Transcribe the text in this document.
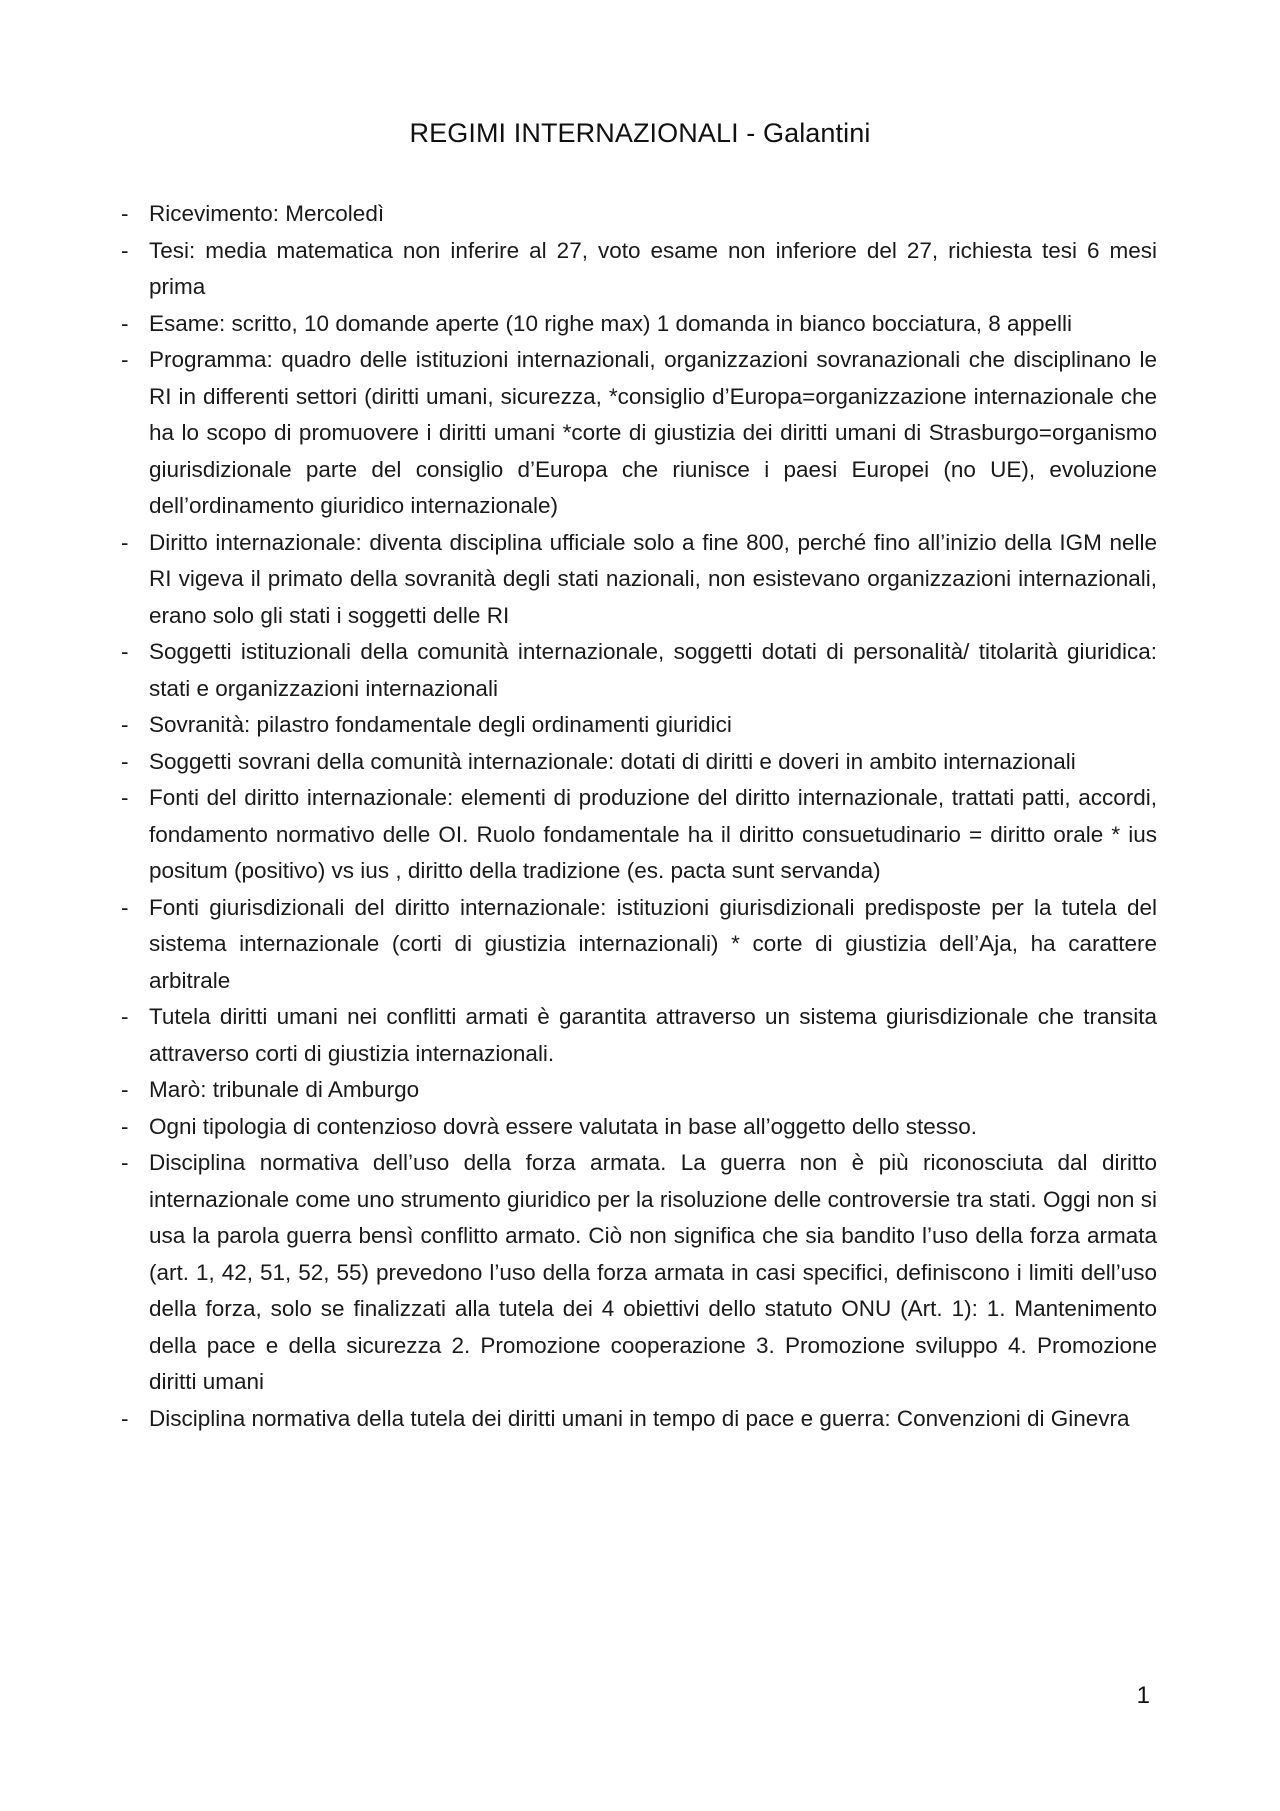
REGIMI INTERNAZIONALI - Galantini
- Ricevimento: Mercoledì
- Tesi: media matematica non inferire al 27, voto esame non inferiore del 27, richiesta tesi 6 mesi prima
- Esame: scritto, 10 domande aperte (10 righe max) 1 domanda in bianco bocciatura, 8 appelli
- Programma: quadro delle istituzioni internazionali, organizzazioni sovranazionali che disciplinano le RI in differenti settori (diritti umani, sicurezza, *consiglio d’Europa=organizzazione internazionale che ha lo scopo di promuovere i diritti umani *corte di giustizia dei diritti umani di Strasburgo=organismo giurisdizionale parte del consiglio d’Europa che riunisce i paesi Europei (no UE), evoluzione dell’ordinamento giuridico internazionale)
- Diritto internazionale: diventa disciplina ufficiale solo a fine 800, perché fino all’inizio della IGM nelle RI vigeva il primato della sovranità degli stati nazionali, non esistevano organizzazioni internazionali, erano solo gli stati i soggetti delle RI
- Soggetti istituzionali della comunità internazionale, soggetti dotati di personalità/ titolarità giuridica: stati e organizzazioni internazionali
- Sovranità: pilastro fondamentale degli ordinamenti giuridici
- Soggetti sovrani della comunità internazionale: dotati di diritti e doveri in ambito internazionali
- Fonti del diritto internazionale: elementi di produzione del diritto internazionale, trattati patti, accordi, fondamento normativo delle OI. Ruolo fondamentale ha il diritto consuetudinario = diritto orale * ius positum (positivo) vs ius , diritto della tradizione (es. pacta sunt servanda)
- Fonti giurisdizionali del diritto internazionale: istituzioni giurisdizionali predisposte per la tutela del sistema internazionale (corti di giustizia internazionali) * corte di giustizia dell’Aja, ha carattere arbitrale
- Tutela diritti umani nei conflitti armati è garantita attraverso un sistema giurisdizionale che transita attraverso corti di giustizia internazionali.
- Marò: tribunale di Amburgo
- Ogni tipologia di contenzioso dovrà essere valutata in base all’oggetto dello stesso.
- Disciplina normativa dell’uso della forza armata. La guerra non è più riconosciuta dal diritto internazionale come uno strumento giuridico per la risoluzione delle controversie tra stati. Oggi non si usa la parola guerra bensì conflitto armato. Ciò non significa che sia bandito l’uso della forza armata (art. 1, 42, 51, 52, 55) prevedono l’uso della forza armata in casi specifici, definiscono i limiti dell’uso della forza, solo se finalizzati alla tutela dei 4 obiettivi dello statuto ONU (Art. 1): 1. Mantenimento della pace e della sicurezza 2. Promozione cooperazione 3. Promozione sviluppo 4. Promozione diritti umani
- Disciplina normativa della tutela dei diritti umani in tempo di pace e guerra: Convenzioni di Ginevra
1
